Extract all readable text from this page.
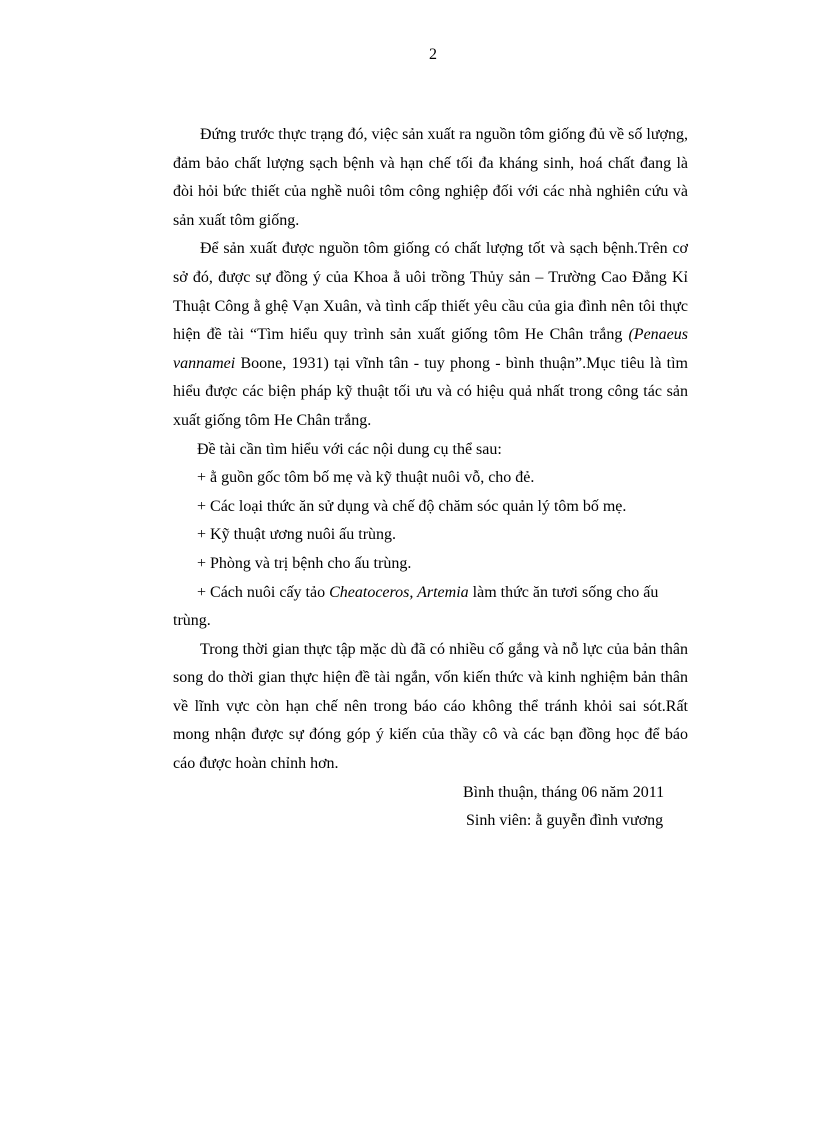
2

Đứng trước thực trạng đó, việc sản xuất ra nguồn tôm giống đủ về số lượng, đảm bảo chất lượng sạch bệnh và hạn chế tối đa kháng sinh, hoá chất đang là đòi hỏi bức thiết của nghề nuôi tôm công nghiệp đối với các nhà nghiên cứu và sản xuất tôm giống.

Để sản xuất được nguồn tôm giống có chất lượng tốt và sạch bệnh.Trên cơ sở đó, được sự đồng ý của Khoa ằ uôi trồng Thủy sản – Trường Cao Đẳng Kỉ Thuật Công ằ ghệ Vạn Xuân, và tình cấp thiết yêu cầu của gia đình nên tôi thực hiện đề tài “Tìm hiểu quy trình sản xuất giống tôm He Chân trắng (Penaeus vannamei Boone, 1931) tại vĩnh tân - tuy phong - bình thuận”.Mục tiêu là tìm hiểu được các biện pháp kỹ thuật tối ưu và có hiệu quả nhất trong công tác sản xuất giống tôm He Chân trắng.

Đề tài cần tìm hiểu với các nội dung cụ thể sau:

+ ằ guồn gốc tôm bố mẹ và kỹ thuật nuôi vỗ, cho đẻ.

+ Các loại thức ăn sử dụng và chế độ chăm sóc quản lý tôm bố mẹ.

+ Kỹ thuật ương nuôi ấu trùng.

+ Phòng và trị bệnh cho ấu trùng.

+ Cách nuôi cấy tảo Cheatoceros, Artemia làm thức ăn tươi sống cho ấu trùng.

Trong thời gian thực tập mặc dù đã có nhiều cố gắng và nỗ lực của bản thân song do thời gian thực hiện đề tài ngắn, vốn kiến thức và kinh nghiệm bản thân về lĩnh vực còn hạn chế nên trong báo cáo không thể tránh khỏi sai sót.Rất mong nhận được sự đóng góp ý kiến của thầy cô và các bạn đồng học để báo cáo được hoàn chỉnh hơn.

Bình thuận, tháng 06 năm 2011

Sinh viên: ằ guyễn đình vương
